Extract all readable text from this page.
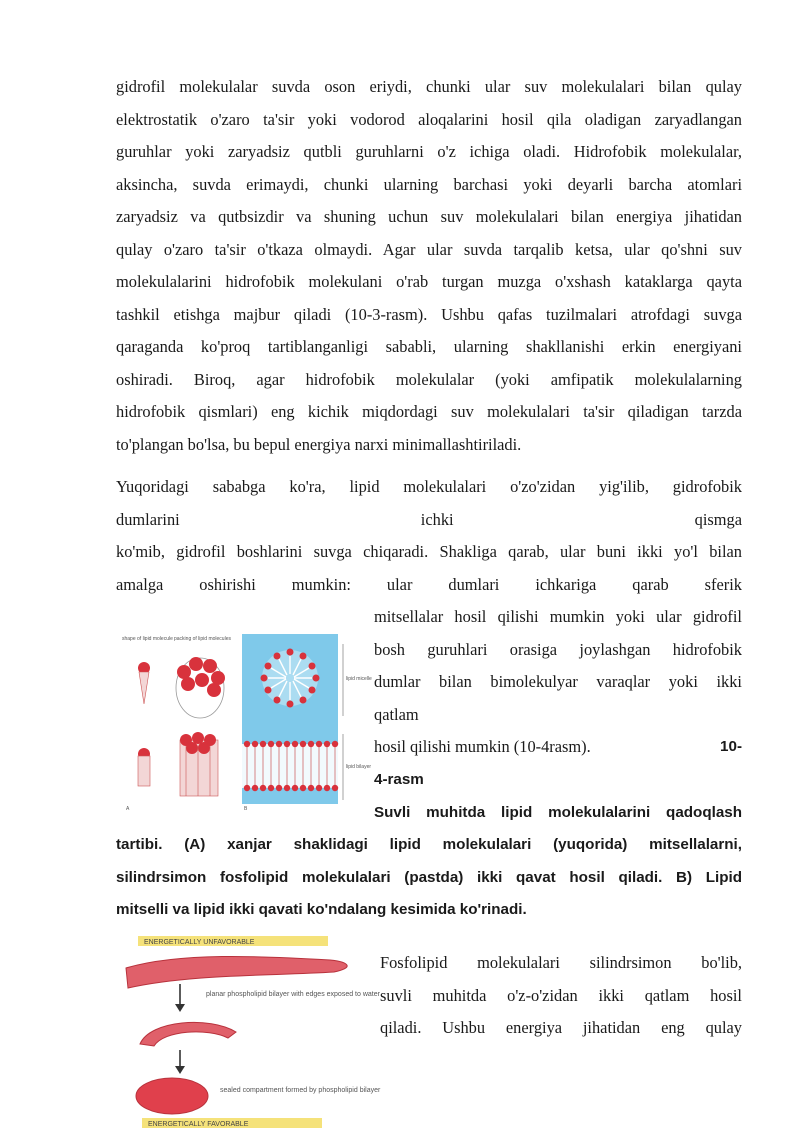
gidrofil molekulalar suvda oson eriydi, chunki ular suv molekulalari bilan qulay
elektrostatik o'zaro ta'sir yoki vodorod aloqalarini hosil qila oladigan zaryadlangan
guruhlar yoki zaryadsiz qutbli guruhlarni o'z ichiga oladi. Hidrofobik molekulalar,
aksincha, suvda erimaydi, chunki ularning barchasi yoki deyarli barcha atomlari
zaryadsiz va qutbsizdir va shuning uchun suv molekulalari bilan energiya jihatidan
qulay o'zaro ta'sir o'tkaza olmaydi. Agar ular suvda tarqalib ketsa, ular qo'shni suv
molekulalarini hidrofobik molekulani o'rab turgan muzga o'xshash kataklarga qayta
tashkil etishga majbur qiladi (10-3-rasm). Ushbu qafas tuzilmalari atrofdagi suvga
qaraganda ko'proq tartiblanganligi sababli, ularning shakllanishi erkin energiyani
oshiradi. Biroq, agar hidrofobik molekulalar (yoki amfipatik molekulalarning
hidrofobik qismlari) eng kichik miqdordagi suv molekulalari ta'sir qiladigan tarzda
to'plangan bo'lsa, bu bepul energiya narxi minimallashtiriladi.
Yuqoridagi sababga ko'ra, lipid molekulalari o'zo'zidan yig'ilib, gidrofobik
dumlarini ichki qismga
ko'mib, gidrofil boshlarini suvga chiqaradi. Shakliga qarab, ular buni ikki yo'l bilan
amalga oshirishi mumkin: ular dumlari ichkariga qarab sferik
mitsellalar hosil qilishi mumkin yoki ular gidrofil
bosh guruhlari orasiga joylashgan hidrofobik
dumlar bilan bimolekulyar varaqlar yoki ikki
qatlam
hosil qilishi mumkin (10-4rasm).	10-
4-rasm
Suvli muhitda lipid molekulalarini qadoqlash
tartibi. (A) xanjar shaklidagi lipid molekulalari (yuqorida) mitsellalarni,
silindrsimon fosfolipid molekulalari (pastda) ikki qavat hosil qiladi. B) Lipid
mitselli va lipid ikki qavati ko'ndalang kesimida ko'rinadi.
Fosfolipid molekulalari silindrsimon bo'lib,
suvli muhitda o'z-o'zidan ikki qatlam hosil
qiladi. Ushbu energiya jihatidan eng qulay
shape of lipid molecule packing of lipid molecules
A
lipid micelle
lipid bilayer
B
ENERGETICALLY UNFAVORABLE
planar phospholipid bilayer with edges exposed to water
sealed compartment formed by phospholipid bilayer
ENERGETICALLY FAVORABLE
